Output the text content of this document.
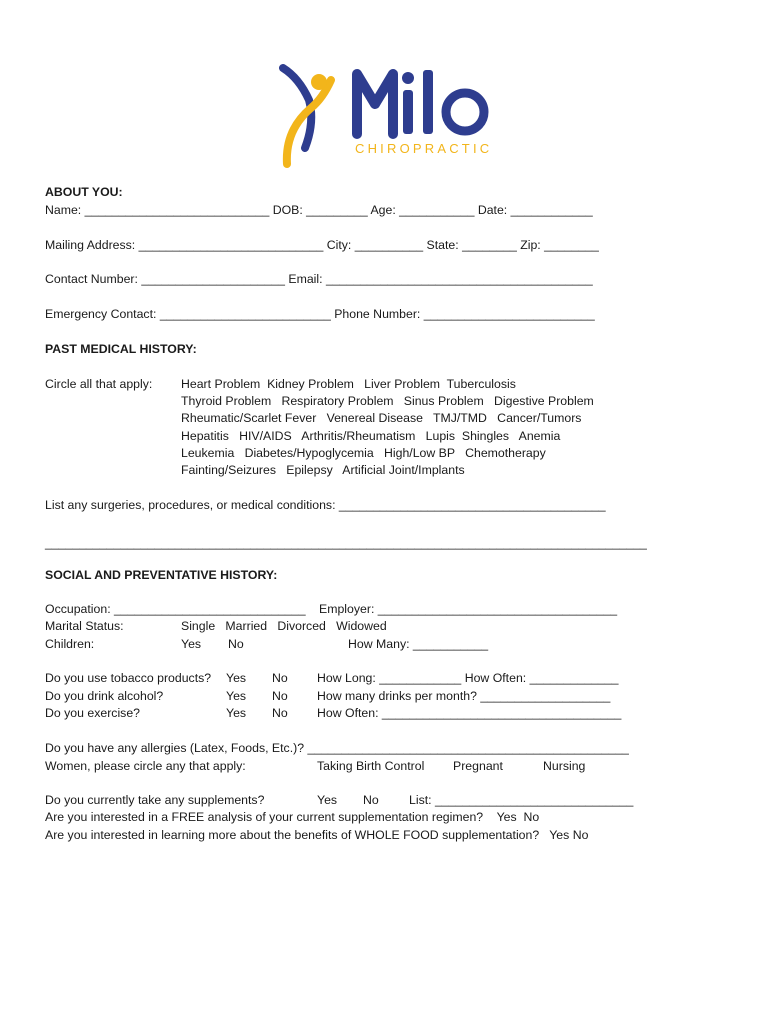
CHIROPRACTIC
ABOUT YOU:
Name: ___________________________ DOB: _________ Age: ___________ Date: ____________
Mailing Address: ___________________________ City: __________ State: ________ Zip: ________
Contact Number: _____________________ Email: _______________________________________
Emergency Contact: _________________________ Phone Number: _________________________
PAST MEDICAL HISTORY:
Circle all that apply: Heart Problem  Kidney Problem   Liver Problem  Tuberculosis
Thyroid Problem   Respiratory Problem   Sinus Problem   Digestive Problem
Rheumatic/Scarlet Fever   Venereal Disease   TMJ/TMD   Cancer/Tumors
Hepatitis   HIV/AIDS   Arthritis/Rheumatism   Lupis  Shingles   Anemia
Leukemia   Diabetes/Hypoglycemia   High/Low BP   Chemotherapy
Fainting/Seizures   Epilepsy   Artificial Joint/Implants
List any surgeries, procedures, or medical conditions: _______________________________________
________________________________________________________________________________________
SOCIAL AND PREVENTATIVE HISTORY:
Occupation: ____________________________ Employer: ___________________________________
Marital Status:	Single   Married   Divorced   Widowed
Children:	Yes No	How Many: ___________
Do you use tobacco products? Yes No How Long: ____________ How Often: _____________
Do you drink alcohol?	Yes No How many drinks per month? ___________________
Do you exercise?	Yes No How Often: ___________________________________
Do you have any allergies (Latex, Foods, Etc.)? _______________________________________________
Women, please circle any that apply:	Taking Birth Control Pregnant	Nursing
Do you currently take any supplements?	Yes No List: _____________________________
Are you interested in a FREE analysis of your current supplementation regimen?    Yes  No
Are you interested in learning more about the benefits of WHOLE FOOD supplementation?   Yes No
